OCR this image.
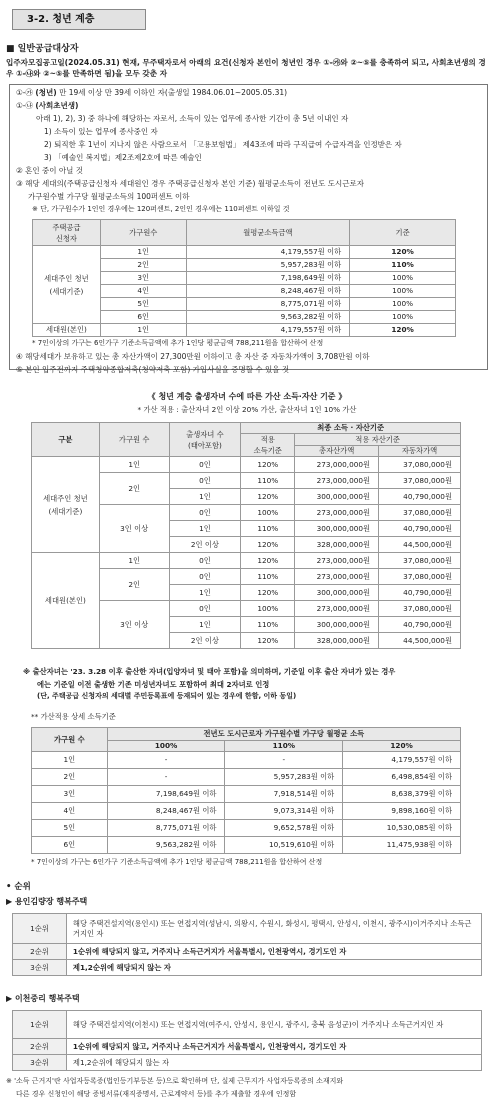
3-2. 청년 계층
■ 일반공급대상자
입주자모집공고일(2024.05.31) 현재, 무주택자로서 아래의 요건(신청자 본인이 청년인 경우 ①-㉮와 ②~⑤를 충족하여 되고, 사회초년생의 경우 ①-㉯와 ②~⑤를 만족하면 됨)을 모두 갖춘 자
①-㉮ (청년) 만 19세 이상 만 39세 이하인 자(출생일 1984.06.01~2005.05.31)
①-㉯ (사회초년생)
아래 1), 2), 3) 중 하나에 해당하는 자로서, 소득이 있는 업무에 종사한 기간이 총 5년 이내인 자
1) 소득이 있는 업무에 종사중인 자
2) 퇴직한 후 1년이 지나지 않은 사람으로서 「고용보험법」 제43조에 따라 구직급여 수급자격을 인정받은 자
3) 「예술인 복지법」제2조제2호에 따른 예술인
② 혼인 중이 아닐 것
③ 해당 세대의(주택공급신청자 세대원인 경우 주택공급신청자 본인 기준) 월평균소득이 전년도 도시근로자
가구원수별 가구당 월평균소득의 100퍼센트 이하
※ 단, 가구원수가 1인인 경우에는 120퍼센트, 2인인 경우에는 110퍼센트 이하일 것
주택공급
신청자	가구원수	월평균소득금액	기준
세대주인 청년
(세대기준)	1인	4,179,557원 이하	120%
	2인	5,957,283원 이하	110%
	3인	7,198,649원 이하	100%
	4인	8,248,467원 이하	100%
	5인	8,775,071원 이하	100%
	6인	9,563,282원 이하	100%
세대원(본인)	1인	4,179,557원 이하	120%
* 7인이상의 가구는 6인가구 기준소득금액에 추가 1인당 평균금액 788,211원을 합산하여 산정
④ 해당세대가 보유하고 있는 총 자산가액이 27,300만원 이하이고 총 자산 중 자동차가액이 3,708만원 이하
⑤ 본인 입주전까지 주택청약종합저축(청약저축 포함) 가입사실을 증명할 수 있을 것
《 청년 계층 출생자녀 수에 따른 가산 소득·자산 기준 》
* 가산 적용 : 출산자녀 2인 이상 20% 가산, 출산자녀 1인 10% 가산
구분	가구원 수	출생자녀 수
(태아포함)	최종 소득 · 자산기준		
			적용
소득기준	적용 자산기준	
				총자산가액	자동차가액
세대주인 청년
(세대기준)	1인	0인	120%	273,000,000원	37,080,000원
	2인	0인	110%	273,000,000원	37,080,000원
		1인	120%	300,000,000원	40,790,000원
	3인 이상	0인	100%	273,000,000원	37,080,000원
		1인	110%	300,000,000원	40,790,000원
		2인 이상	120%	328,000,000원	44,500,000원
세대원(본인)	1인	0인	120%	273,000,000원	37,080,000원
	2인	0인	110%	273,000,000원	37,080,000원
		1인	120%	300,000,000원	40,790,000원
	3인 이상	0인	100%	273,000,000원	37,080,000원
		1인	110%	300,000,000원	40,790,000원
		2인 이상	120%	328,000,000원	44,500,000원
※ 출산자녀는 '23. 3.28 이후 출산한 자녀(입양자녀 및 태아 포함)을 의미하며, 기준일 이후 출산 자녀가 있는 경우
에는 기준일 이전 출생한 기존 미성년자녀도 포함하여 최대 2자녀로 인정
(단, 주택공급 신청자의 세대별 주민등록표에 등재되어 있는 경우에 한함, 이하 동일)
** 가산적용 상세 소득기준
가구원 수	전년도 도시근로자 가구원수별 가구당 월평균 소득		
	100%	110%	120%
1인	-	-	4,179,557원 이하
2인	-	5,957,283원 이하	6,498,854원 이하
3인	7,198,649원 이하	7,918,514원 이하	8,638,379원 이하
4인	8,248,467원 이하	9,073,314원 이하	9,898,160원 이하
5인	8,775,071원 이하	9,652,578원 이하	10,530,085원 이하
6인	9,563,282원 이하	10,519,610원 이하	11,475,938원 이하
* 7인이상의 가구는 6인가구 기준소득금액에 추가 1인당 평균금액 788,211원을 합산하여 산정
• 순위
▶ 용인김량장 행복주택
1순위	해당 주택건설지역(용인시) 또는 연접지역(성남시, 의왕시, 수원시, 화성시, 평택시, 안성시, 이천시, 광주시)이거주지나 소득근거지인 자
2순위	1순위에 해당되지 않고, 거주지나 소득근거지가 서울특별시, 인천광역시, 경기도인 자
3순위	제1,2순위에 해당되지 않는 자
▶ 이천중리 행복주택
1순위	해당 주택건설지역(이천시) 또는 연접지역(여주시, 안성시, 용인시, 광주시, 충북 음성군)이 거주지나 소득근거지인 자
2순위	1순위에 해당되지 않고, 거주지나 소득근거지가 서울특별시, 인천광역시, 경기도인 자
3순위	제1,2순위에 해당되지 않는 자
※ '소득 근거지'란 사업자등록증(법인등기부등본 등)으로 확인하며 단, 실제 근무지가 사업자등록증의 소재지와
다른 경우 신청인이 해당 증빙서류(재직증명서, 근로계약서 등)를 추가 제출할 경우에 인정함
